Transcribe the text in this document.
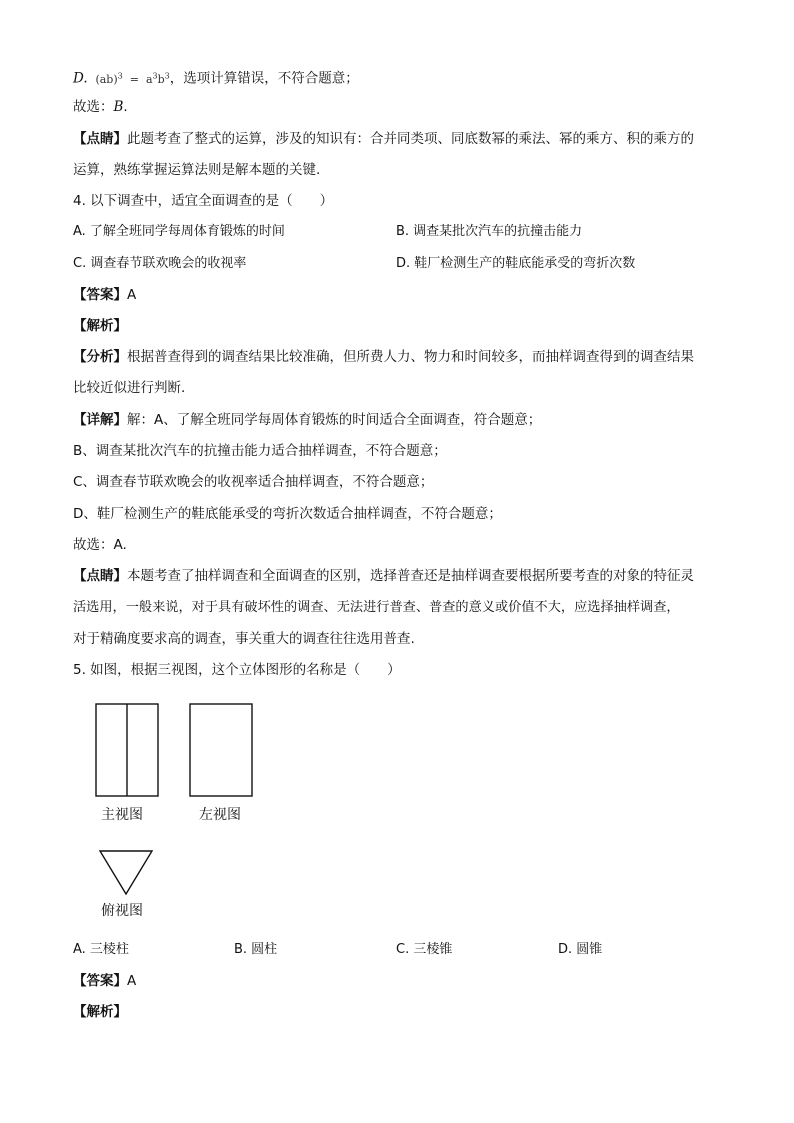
D. $(ab)^3 = a^3b^3$，选项计算错误，不符合题意；
故选：B.
【点睛】此题考查了整式的运算，涉及的知识有：合并同类项、同底数幂的乘法、幂的乘方、积的乘方的
运算，熟练掌握运算法则是解本题的关键.
4. 以下调查中，适宜全面调查的是（　　）
A. 了解全班同学每周体育锻炼的时间	B. 调查某批次汽车的抗撞击能力
C. 调查春节联欢晚会的收视率	D. 鞋厂检测生产的鞋底能承受的弯折次数
【答案】A
【解析】
【分析】根据普查得到的调查结果比较准确，但所费人力、物力和时间较多，而抽样调查得到的调查结果
比较近似进行判断.
【详解】解：A、了解全班同学每周体育锻炼的时间适合全面调查，符合题意；
B、调查某批次汽车的抗撞击能力适合抽样调查，不符合题意；
C、调查春节联欢晚会的收视率适合抽样调查，不符合题意；
D、鞋厂检测生产的鞋底能承受的弯折次数适合抽样调查，不符合题意；
故选：A.
【点睛】本题考查了抽样调查和全面调查的区别，选择普查还是抽样调查要根据所要考查的对象的特征灵
活选用，一般来说，对于具有破坏性的调查、无法进行普查、普查的意义或价值不大，应选择抽样调查，
对于精确度要求高的调查，事关重大的调查往往选用普查.
5. 如图，根据三视图，这个立体图形的名称是（　　）
主视图	左视图
俯视图
A. 三棱柱	B. 圆柱	C. 三棱锥	D. 圆锥
【答案】A
【解析】
